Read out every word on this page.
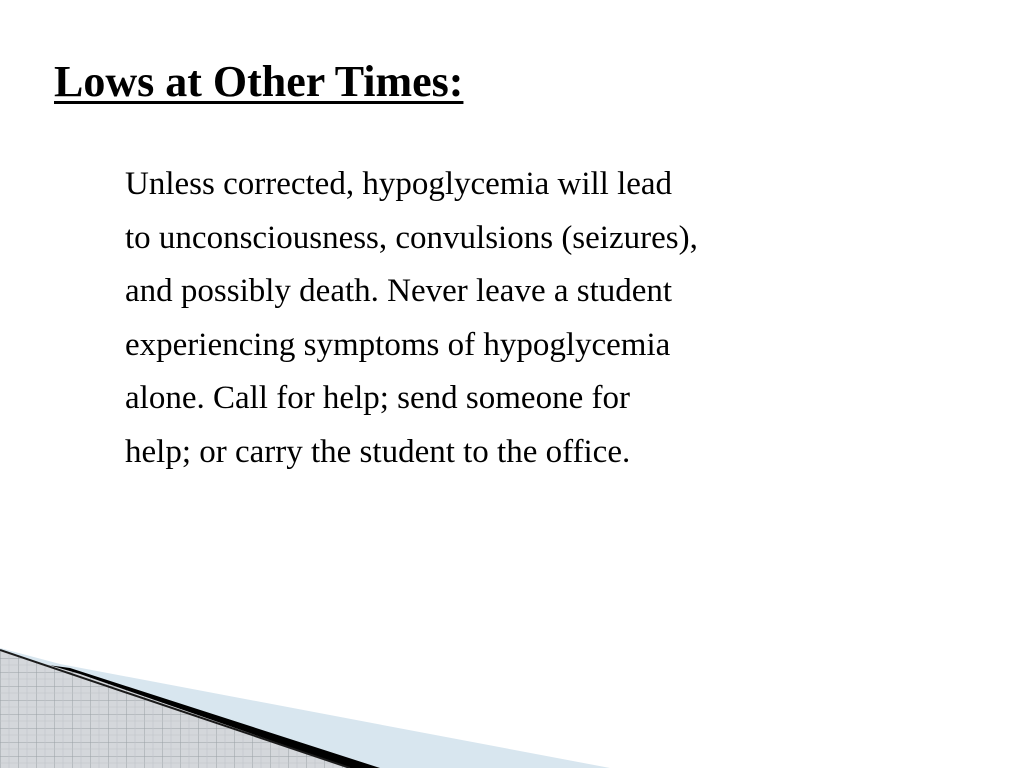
Lows at Other Times:
Unless corrected, hypoglycemia will lead
to unconsciousness, convulsions (seizures),
and possibly death. Never leave a student
experiencing symptoms of hypoglycemia
alone. Call for help; send someone for
help; or carry the student to the office.
